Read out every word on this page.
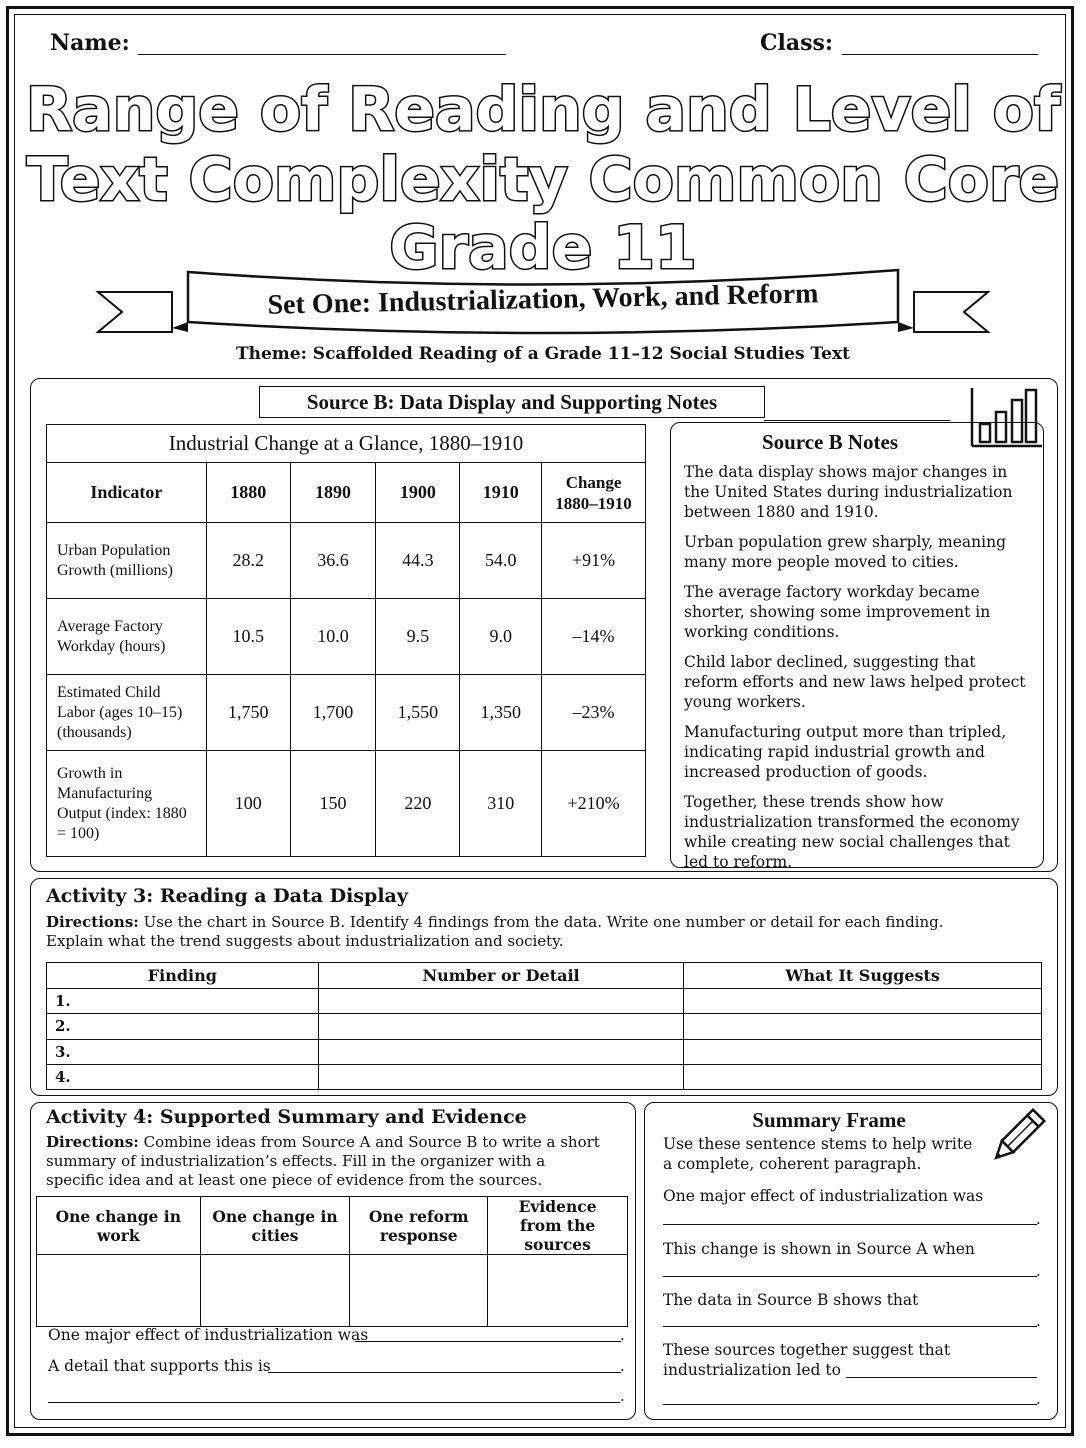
Name:	Class:
Range of Reading and Level of
Text Complexity Common Core
Grade 11
Set One: Industrialization, Work, and Reform
Theme: Scaffolded Reading of a Grade 11–12 Social Studies Text
Source B: Data Display and Supporting Notes
Industrial Change at a Glance, 1880–1910					
Indicator	1880	1890	1900	1910	Change 1880–1910
Urban Population Growth (millions)	28.2	36.6	44.3	54.0	+91%
Average Factory Workday (hours)	10.5	10.0	9.5	9.0	–14%
Estimated Child Labor (ages 10–15) (thousands)	1,750	1,700	1,550	1,350	–23%
Growth in Manufacturing Output (index: 1880 = 100)	100	150	220	310	+210%
Source B Notes

The data display shows major changes in the United States during industrialization between 1880 and 1910.

Urban population grew sharply, meaning many more people moved to cities.

The average factory workday became shorter, showing some improvement in working conditions.

Child labor declined, suggesting that reform efforts and new laws helped protect young workers.

Manufacturing output more than tripled, indicating rapid industrial growth and increased production of goods.

Together, these trends show how industrialization transformed the economy while creating new social challenges that led to reform.

Activity 3: Reading a Data Display
Directions: Use the chart in Source B. Identify 4 findings from the data. Write one number or detail for each finding. Explain what the trend suggests about industrialization and society.
Finding	Number or Detail	What It Suggests
1.		
2.		
3.		
4.		
Activity 4: Supported Summary and Evidence
Directions: Combine ideas from Source A and Source B to write a short summary of industrialization’s effects. Fill in the organizer with a specific idea and at least one piece of evidence from the sources.
One change in work	One change in cities	One reform response	Evidence from the sources

One major effect of industrialization was	.
A detail that supports this is	.
.
Summary Frame
Use these sentence stems to help write a complete, coherent paragraph.
One major effect of industrialization was
.
This change is shown in Source A when
.
The data in Source B shows that
.
These sources together suggest that industrialization led to
.
